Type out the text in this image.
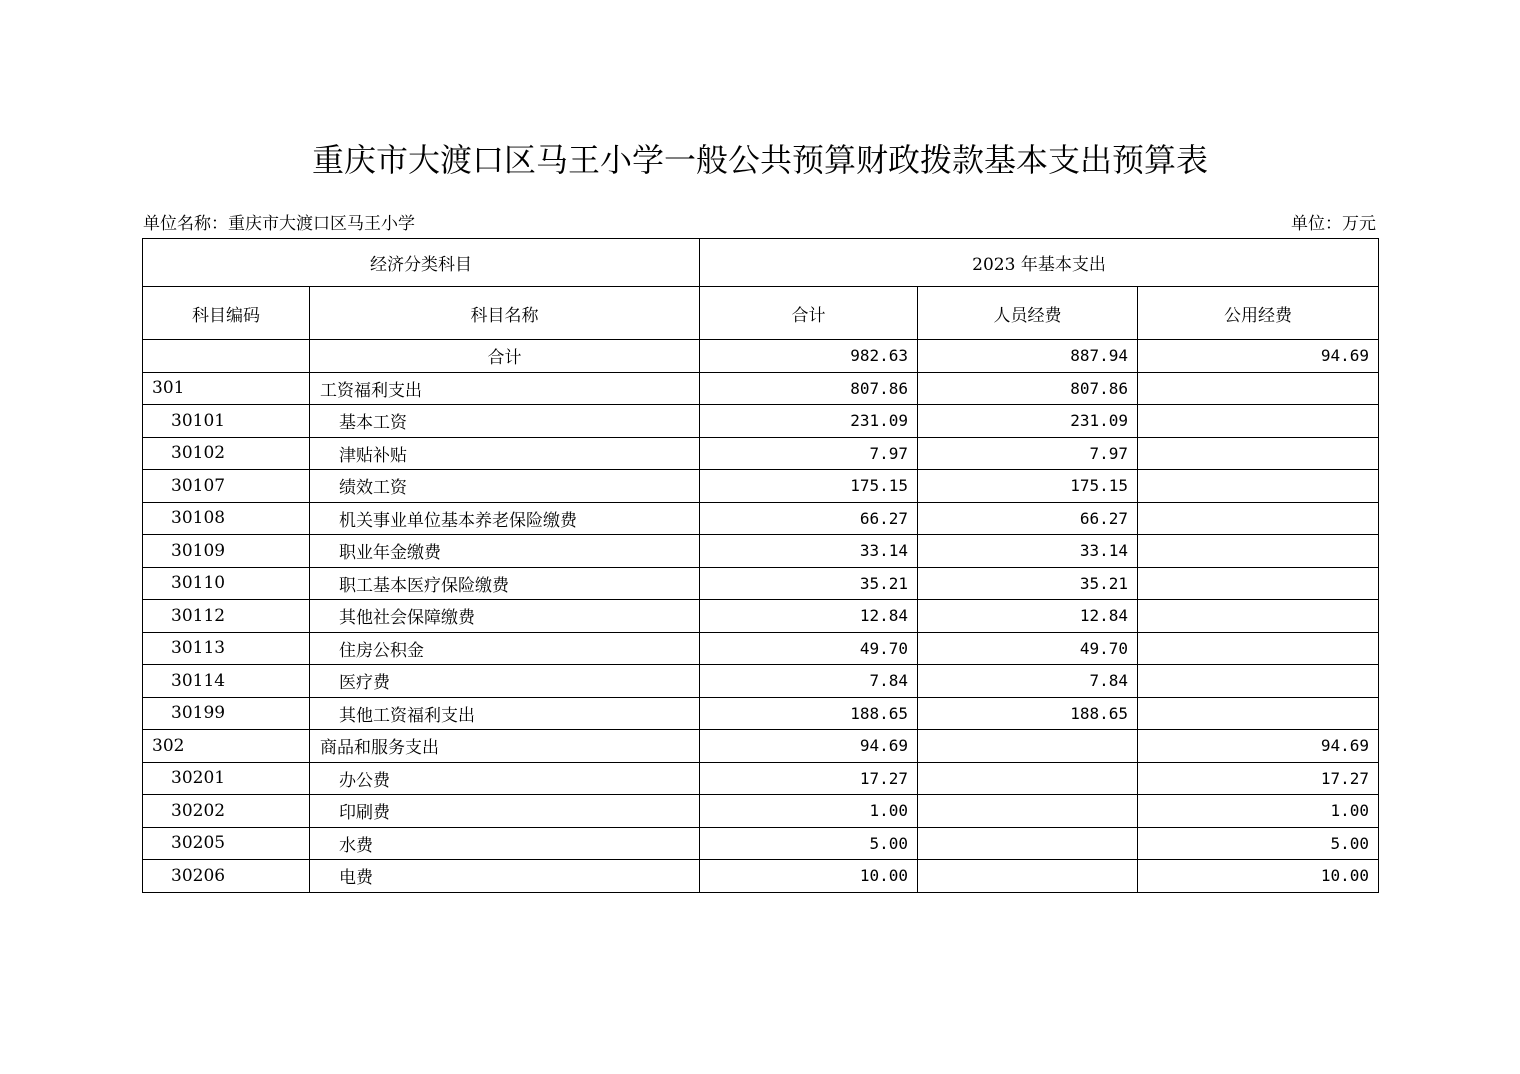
重庆市大渡口区马王小学一般公共预算财政拨款基本支出预算表
单位名称：重庆市大渡口区马王小学	单位：万元
经济分类科目		2023 年基本支出		
科目编码	科目名称	合计	人员经费	公用经费
	合计	982.63	887.94	94.69
301	工资福利支出	807.86	807.86	
30101	基本工资	231.09	231.09	
30102	津贴补贴	7.97	7.97	
30107	绩效工资	175.15	175.15	
30108	机关事业单位基本养老保险缴费	66.27	66.27	
30109	职业年金缴费	33.14	33.14	
30110	职工基本医疗保险缴费	35.21	35.21	
30112	其他社会保障缴费	12.84	12.84	
30113	住房公积金	49.70	49.70	
30114	医疗费	7.84	7.84	
30199	其他工资福利支出	188.65	188.65	
302	商品和服务支出	94.69		94.69
30201	办公费	17.27		17.27
30202	印刷费	1.00		1.00
30205	水费	5.00		5.00
30206	电费	10.00		10.00
